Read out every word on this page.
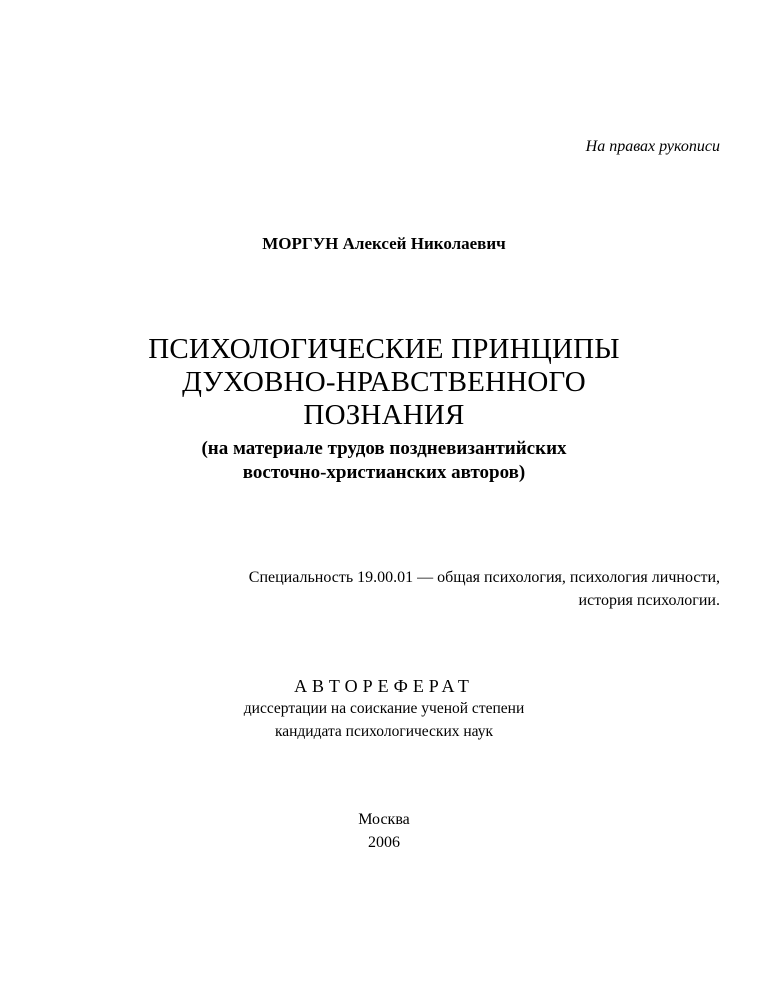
На правах рукописи
МОРГУН Алексей Николаевич
ПСИХОЛОГИЧЕСКИЕ ПРИНЦИПЫ
ДУХОВНО-НРАВСТВЕННОГО
ПОЗНАНИЯ
(на материале трудов поздневизантийских
восточно-христианских авторов)
Специальность 19.00.01 — общая психология, психология личности,
история психологии.
АВТОРЕФЕРАТ
диссертации на соискание ученой степени
кандидата психологических наук
Москва
2006
